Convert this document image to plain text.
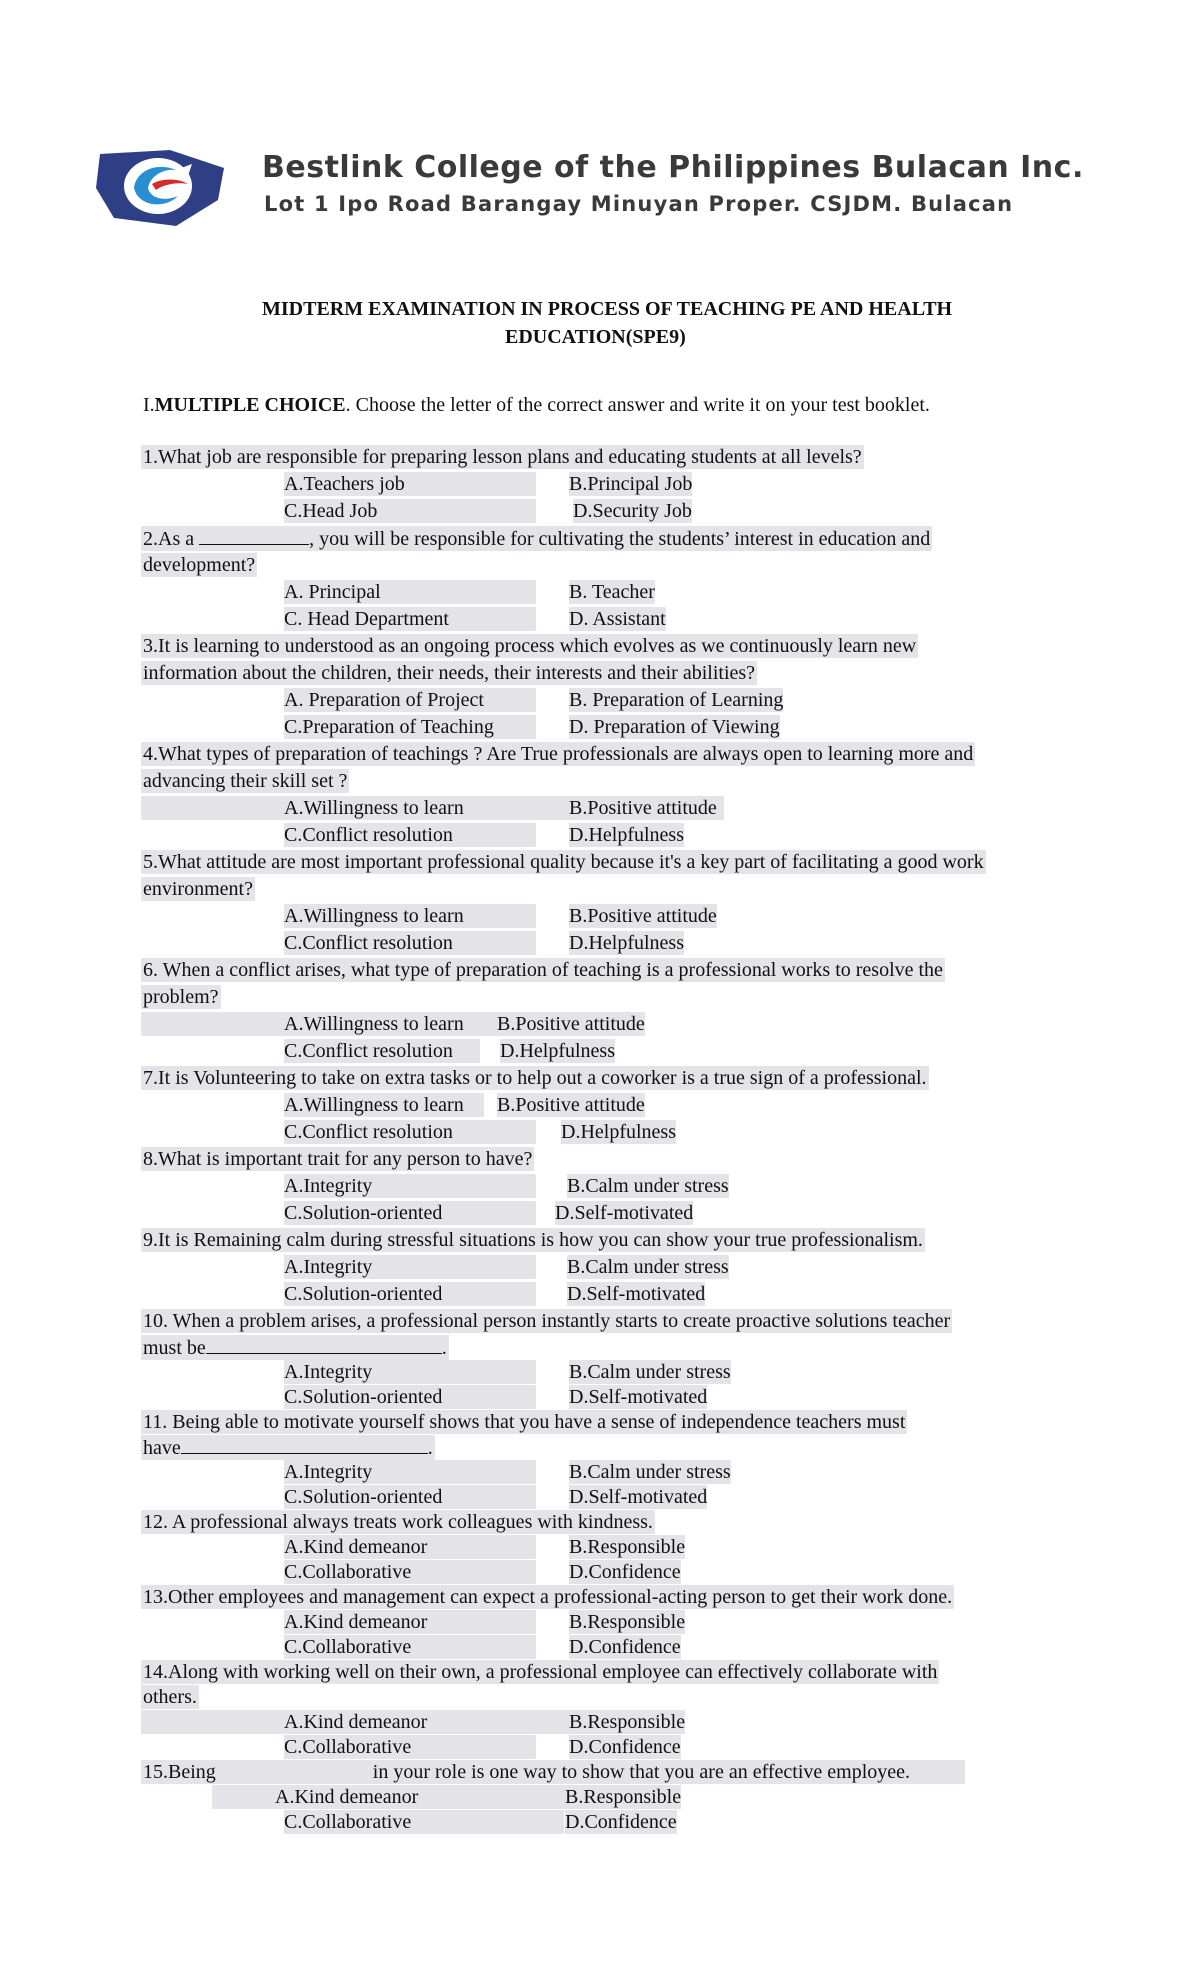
Bestlink College of the Philippines Bulacan Inc.
Lot 1 Ipo Road Barangay Minuyan Proper. CSJDM. Bulacan
MIDTERM EXAMINATION IN PROCESS OF TEACHING PE AND HEALTH
EDUCATION(SPE9)
I.MULTIPLE CHOICE. Choose the letter of the correct answer and write it on your test booklet.
1.What job are responsible for preparing lesson plans and educating students at all levels?
A.Teachers job	B.Principal Job
C.Head Job	D.Security Job
2.As a	, you will be responsible for cultivating the students’ interest in education and
development?
A. Principal	B. Teacher
C. Head Department	D. Assistant
3.It is learning to understood as an ongoing process which evolves as we continuously learn new
information about the children, their needs, their interests and their abilities?
A. Preparation of Project	B. Preparation of Learning
C.Preparation of Teaching	D. Preparation of Viewing
4.What types of preparation of teachings ? Are True professionals are always open to learning more and
advancing their skill set ?
A.Willingness to learn	B.Positive attitude
C.Conflict resolution	D.Helpfulness
5.What attitude are most important professional quality because it's a key part of facilitating a good work
environment?
A.Willingness to learn	B.Positive attitude
C.Conflict resolution	D.Helpfulness
6. When a conflict arises, what type of preparation of teaching is a professional works to resolve the
problem?
A.Willingness to learn	B.Positive attitude
C.Conflict resolution	D.Helpfulness
7.It is Volunteering to take on extra tasks or to help out a coworker is a true sign of a professional.
A.Willingness to learn	B.Positive attitude
C.Conflict resolution	D.Helpfulness
8.What is important trait for any person to have?
A.Integrity	B.Calm under stress
C.Solution-oriented	D.Self-motivated
9.It is Remaining calm during stressful situations is how you can show your true professionalism.
A.Integrity	B.Calm under stress
C.Solution-oriented	D.Self-motivated
10. When a problem arises, a professional person instantly starts to create proactive solutions teacher
must be	.
A.Integrity	B.Calm under stress
C.Solution-oriented	D.Self-motivated
11. Being able to motivate yourself shows that you have a sense of independence teachers must
have	.
A.Integrity	B.Calm under stress
C.Solution-oriented	D.Self-motivated
12. A professional always treats work colleagues with kindness.
A.Kind demeanor	B.Responsible
C.Collaborative	D.Confidence
13.Other employees and management can expect a professional-acting person to get their work done.
A.Kind demeanor	B.Responsible
C.Collaborative	D.Confidence
14.Along with working well on their own, a professional employee can effectively collaborate with
others.
A.Kind demeanor	B.Responsible
C.Collaborative	D.Confidence
15.Being	in your role is one way to show that you are an effective employee.
A.Kind demeanor	B.Responsible
C.Collaborative	D.Confidence
